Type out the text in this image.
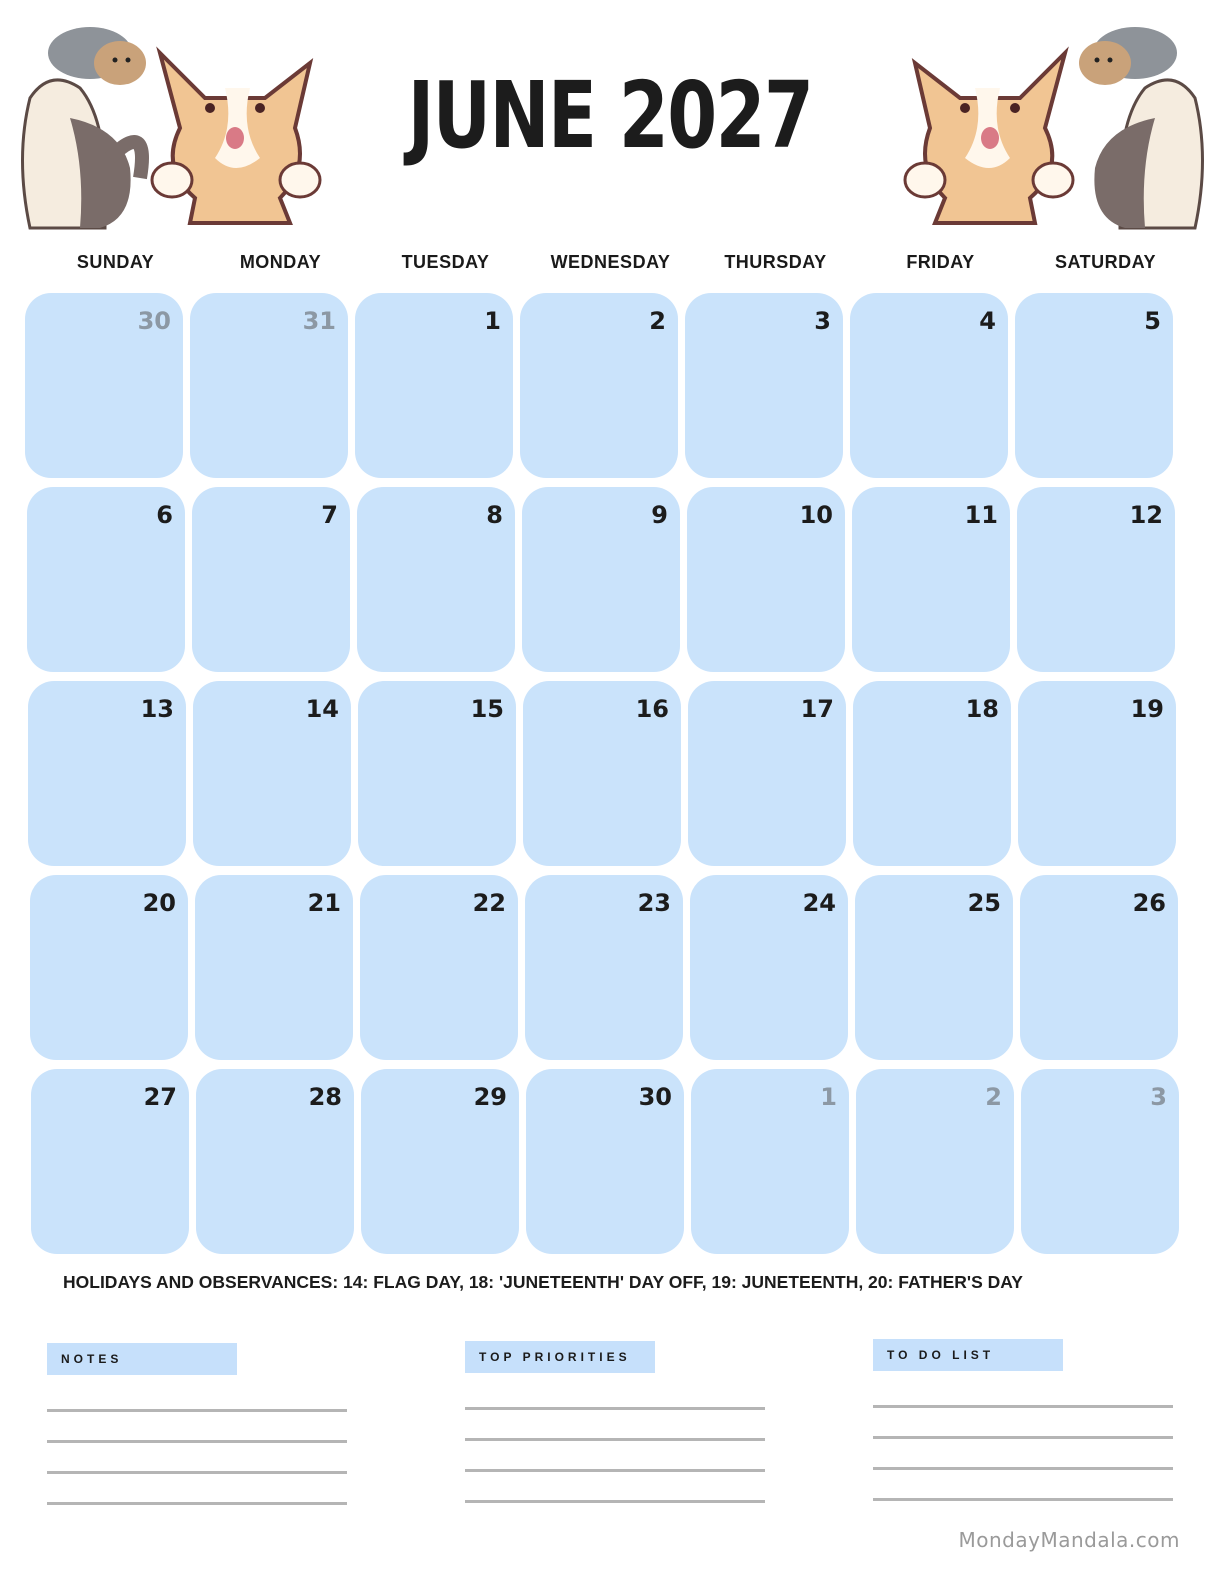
JUNE 2027
SUNDAY	MONDAY	TUESDAY	WEDNESDAY	THURSDAY	FRIDAY	SATURDAY
30	31	1	2	3	4	5
6	7	8	9	10	11	12
13	14	15	16	17	18	19
20	21	22	23	24	25	26
27	28	29	30	1	2	3
HOLIDAYS AND OBSERVANCES: 14: FLAG DAY, 18: 'JUNETEENTH' DAY OFF, 19: JUNETEENTH, 20: FATHER'S DAY
NOTES	TOP PRIORITIES	TO DO LIST
MondayMandala.com
